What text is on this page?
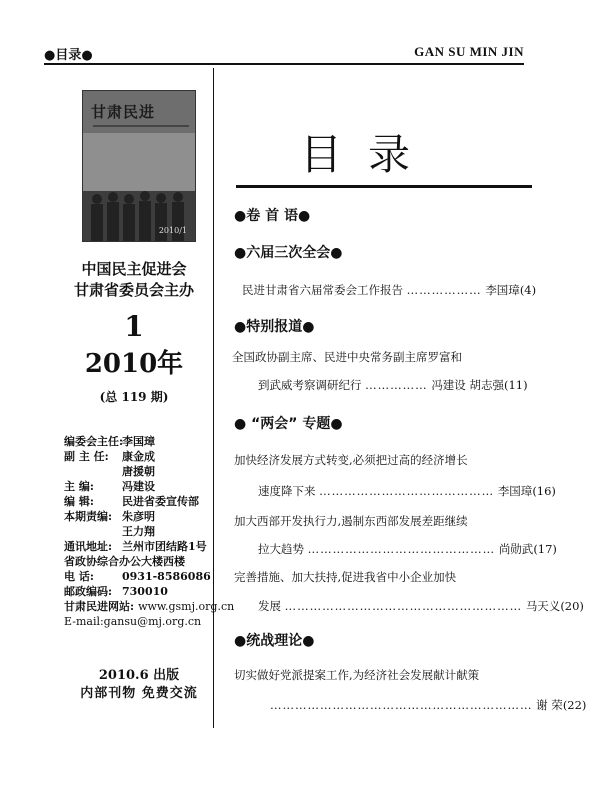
●目录●	GAN SU MIN JIN
甘肃民进
2010/1
中国民主促进会
甘肃省委员会主办
1
2010年
(总 119 期)
编委会主任:李国璋
副 主 任: 康金成
唐援朝
主 编:	冯建设
编 辑:	民进省委宣传部
本期责编: 朱彦明
王力翔
通讯地址: 兰州市团结路1号
省政协综合办公大楼西楼
电 话:	0931-8586086
邮政编码: 730010
甘肃民进网站: www.gsmj.org.cn
E-mail:gansu@mj.org.cn
2010.6 出版
内部刊物 免费交流
目录
●卷 首 语●
●六届三次全会●
民进甘肃省六届常委会工作报告 ……………… 李国璋(4)
●特别报道●
全国政协副主席、民进中央常务副主席罗富和
到武威考察调研纪行 …………… 冯建设 胡志强(11)
● “两会” 专题●
加快经济发展方式转变,必须把过高的经济增长
速度降下来 …………………………………… 李国璋(16)
加大西部开发执行力,遏制东西部发展差距继续
拉大趋势 ……………………………………… 尚勋武(17)
完善措施、加大扶持,促进我省中小企业加快
发展 ………………………………………………… 马天义(20)
●统战理论●
切实做好党派提案工作,为经济社会发展献计献策
……………………………………………………… 谢 荣(22)
